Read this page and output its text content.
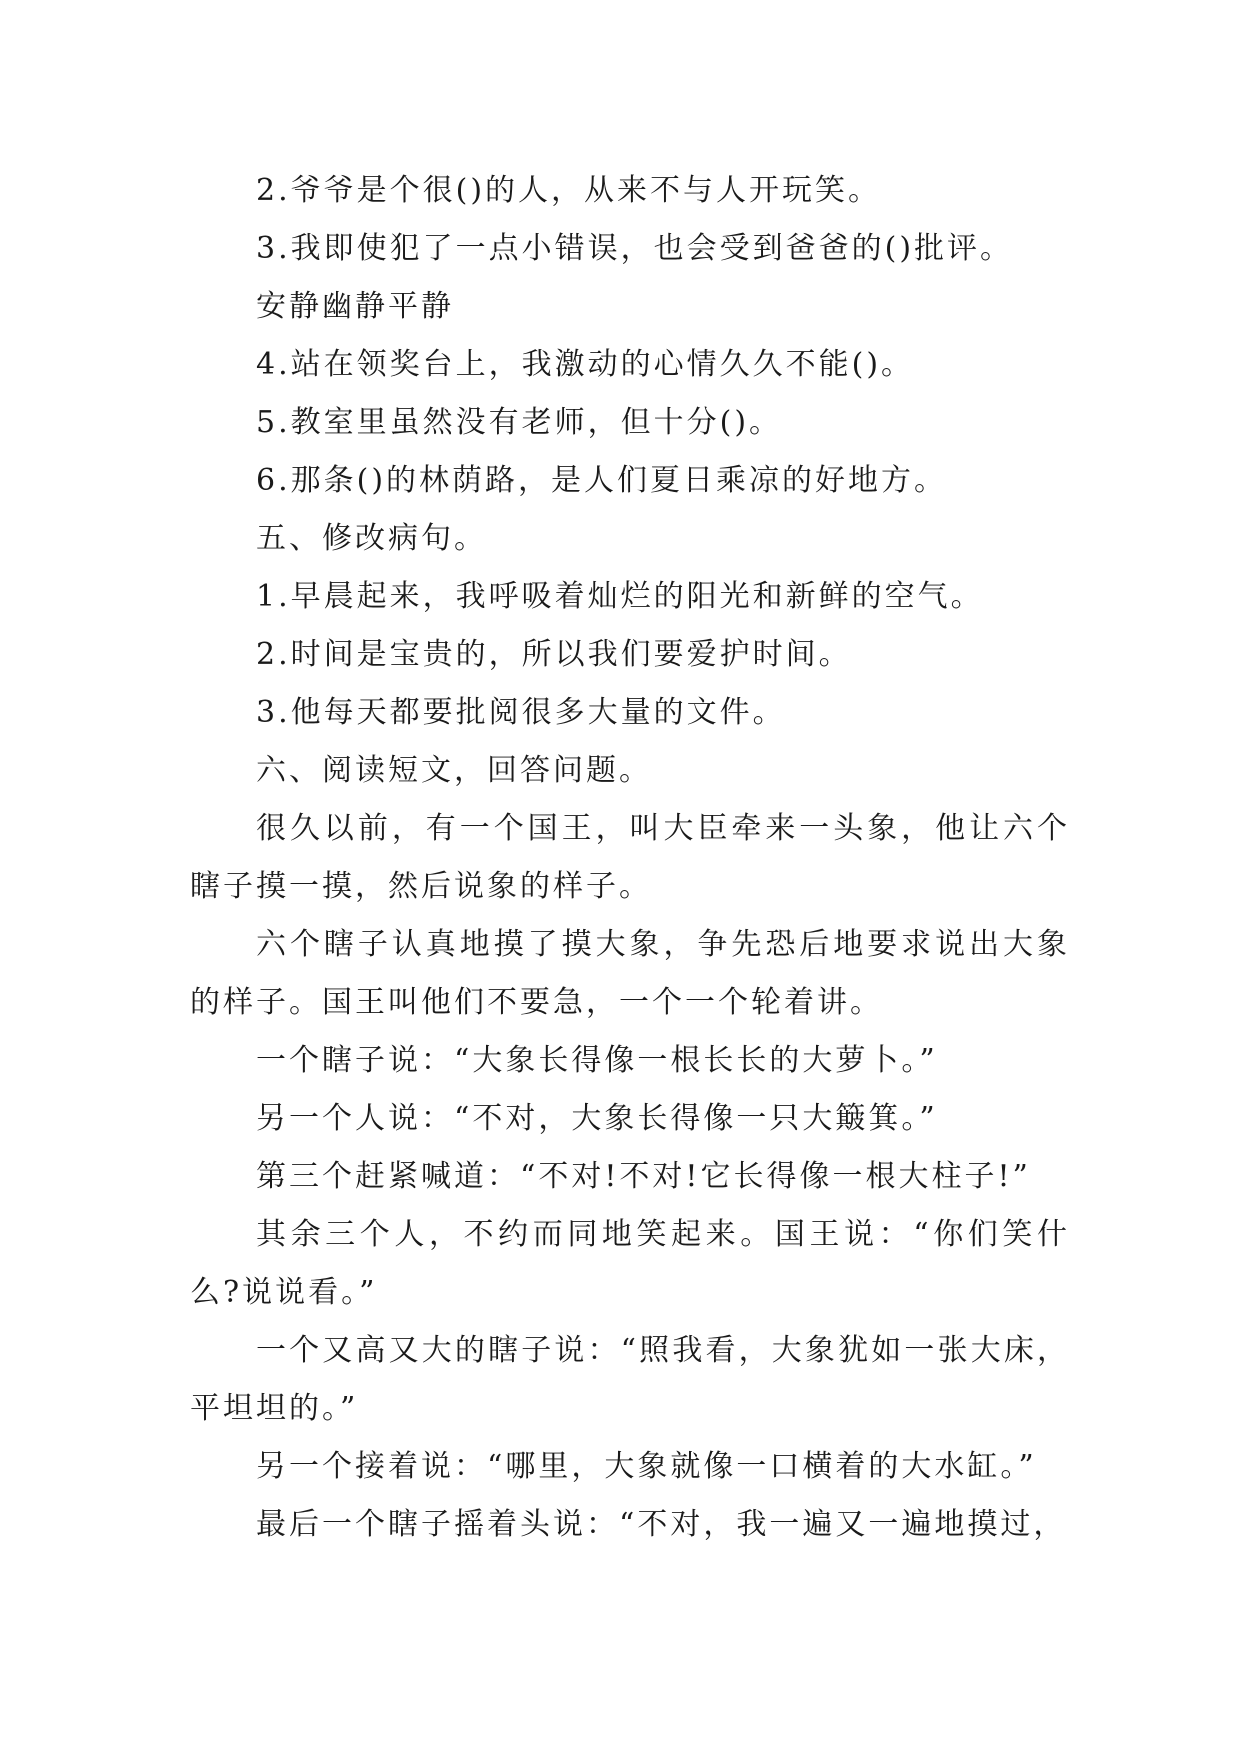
2.爷爷是个很()的人，从来不与人开玩笑。
3.我即使犯了一点小错误，也会受到爸爸的()批评。
安静幽静平静
4.站在领奖台上，我激动的心情久久不能()。
5.教室里虽然没有老师，但十分()。
6.那条()的林荫路，是人们夏日乘凉的好地方。
五、修改病句。
1.早晨起来，我呼吸着灿烂的阳光和新鲜的空气。
2.时间是宝贵的，所以我们要爱护时间。
3.他每天都要批阅很多大量的文件。
六、阅读短文，回答问题。
很久以前，有一个国王，叫大臣牵来一头象，他让六个瞎子摸一摸，然后说象的样子。
六个瞎子认真地摸了摸大象，争先恐后地要求说出大象的样子。国王叫他们不要急，一个一个轮着讲。
一个瞎子说：“大象长得像一根长长的大萝卜。”
另一个人说：“不对，大象长得像一只大簸箕。”
第三个赶紧喊道：“不对!不对!它长得像一根大柱子!”
其余三个人，不约而同地笑起来。国王说：“你们笑什么?说说看。”
一个又高又大的瞎子说：“照我看，大象犹如一张大床，平坦坦的。”
另一个接着说：“哪里，大象就像一口横着的大水缸。”
最后一个瞎子摇着头说：“不对，我一遍又一遍地摸过，
